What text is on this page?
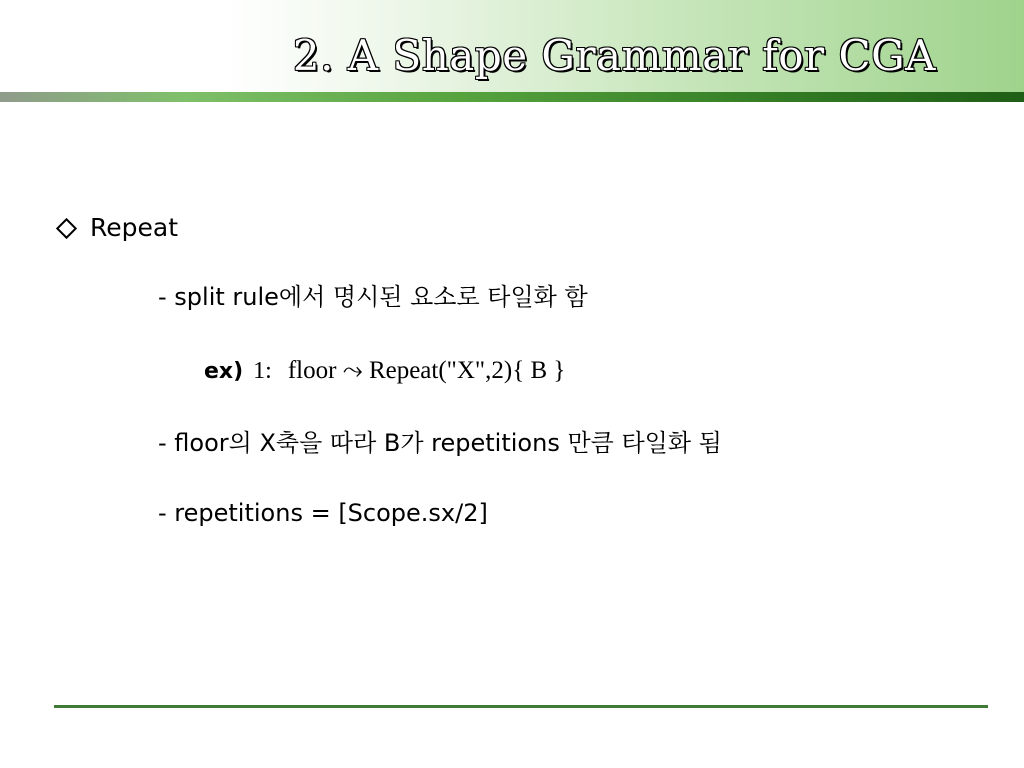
2. A Shape Grammar for CGA
Repeat
- split rule에서 명시된 요소로 타일화 함
ex) 1: floor ⤳ Repeat("X",2){ B }
- floor의 X축을 따라 B가 repetitions 만큼 타일화 됨
- repetitions = [Scope.sx/2]
